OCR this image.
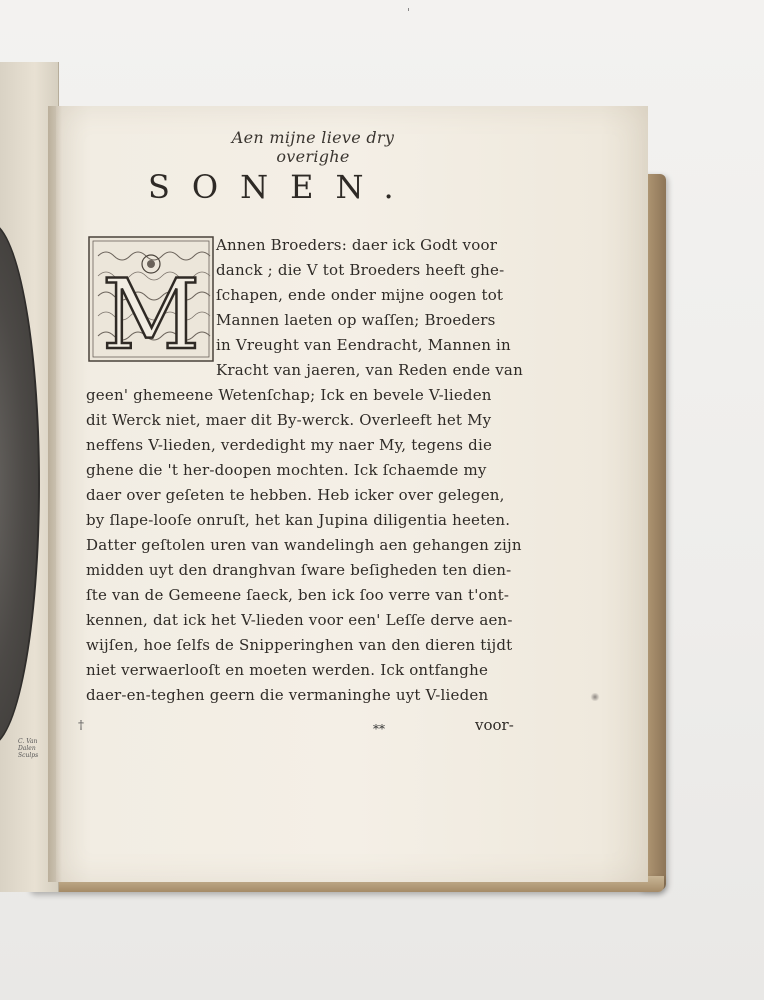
'
C. Van Dalen Sculps
Aen mijne lieve dry overighe
SONEN.
M
Annen Broeders: daer ick Godt voor
danck ; die V tot Broeders heeft ghe-
ſchapen, ende onder mijne oogen tot
Mannen laeten op waſſen; Broeders
in Vreught van Eendracht, Mannen in
Kracht van jaeren, van Reden ende van
geen' ghemeene Wetenſchap; Ick en bevele V-lieden
dit Werck niet, maer dit By-werck. Overleeft het My
neffens V-lieden, verdedight my naer My, tegens die
ghene die 't her-doopen mochten. Ick ſchaemde my
daer over geſeten te hebben. Heb icker over gelegen,
by ſlape-looſe onruſt, het kan Jupina diligentia heeten.
Datter geſtolen uren van wandelingh aen gehangen zijn
midden uyt den dranghvan ſware beſigheden ten dien-
ſte van de Gemeene ſaeck, ben ick ſoo verre van t'ont-
kennen, dat ick het V-lieden voor een' Leſſe derve aen-
wijſen, hoe ſelfs de Snipperinghen van den dieren tijdt
niet verwaerlooſt en moeten werden. Ick ontfanghe
daer-en-teghen geern die vermaninghe uyt V-lieden
†	**	voor-
